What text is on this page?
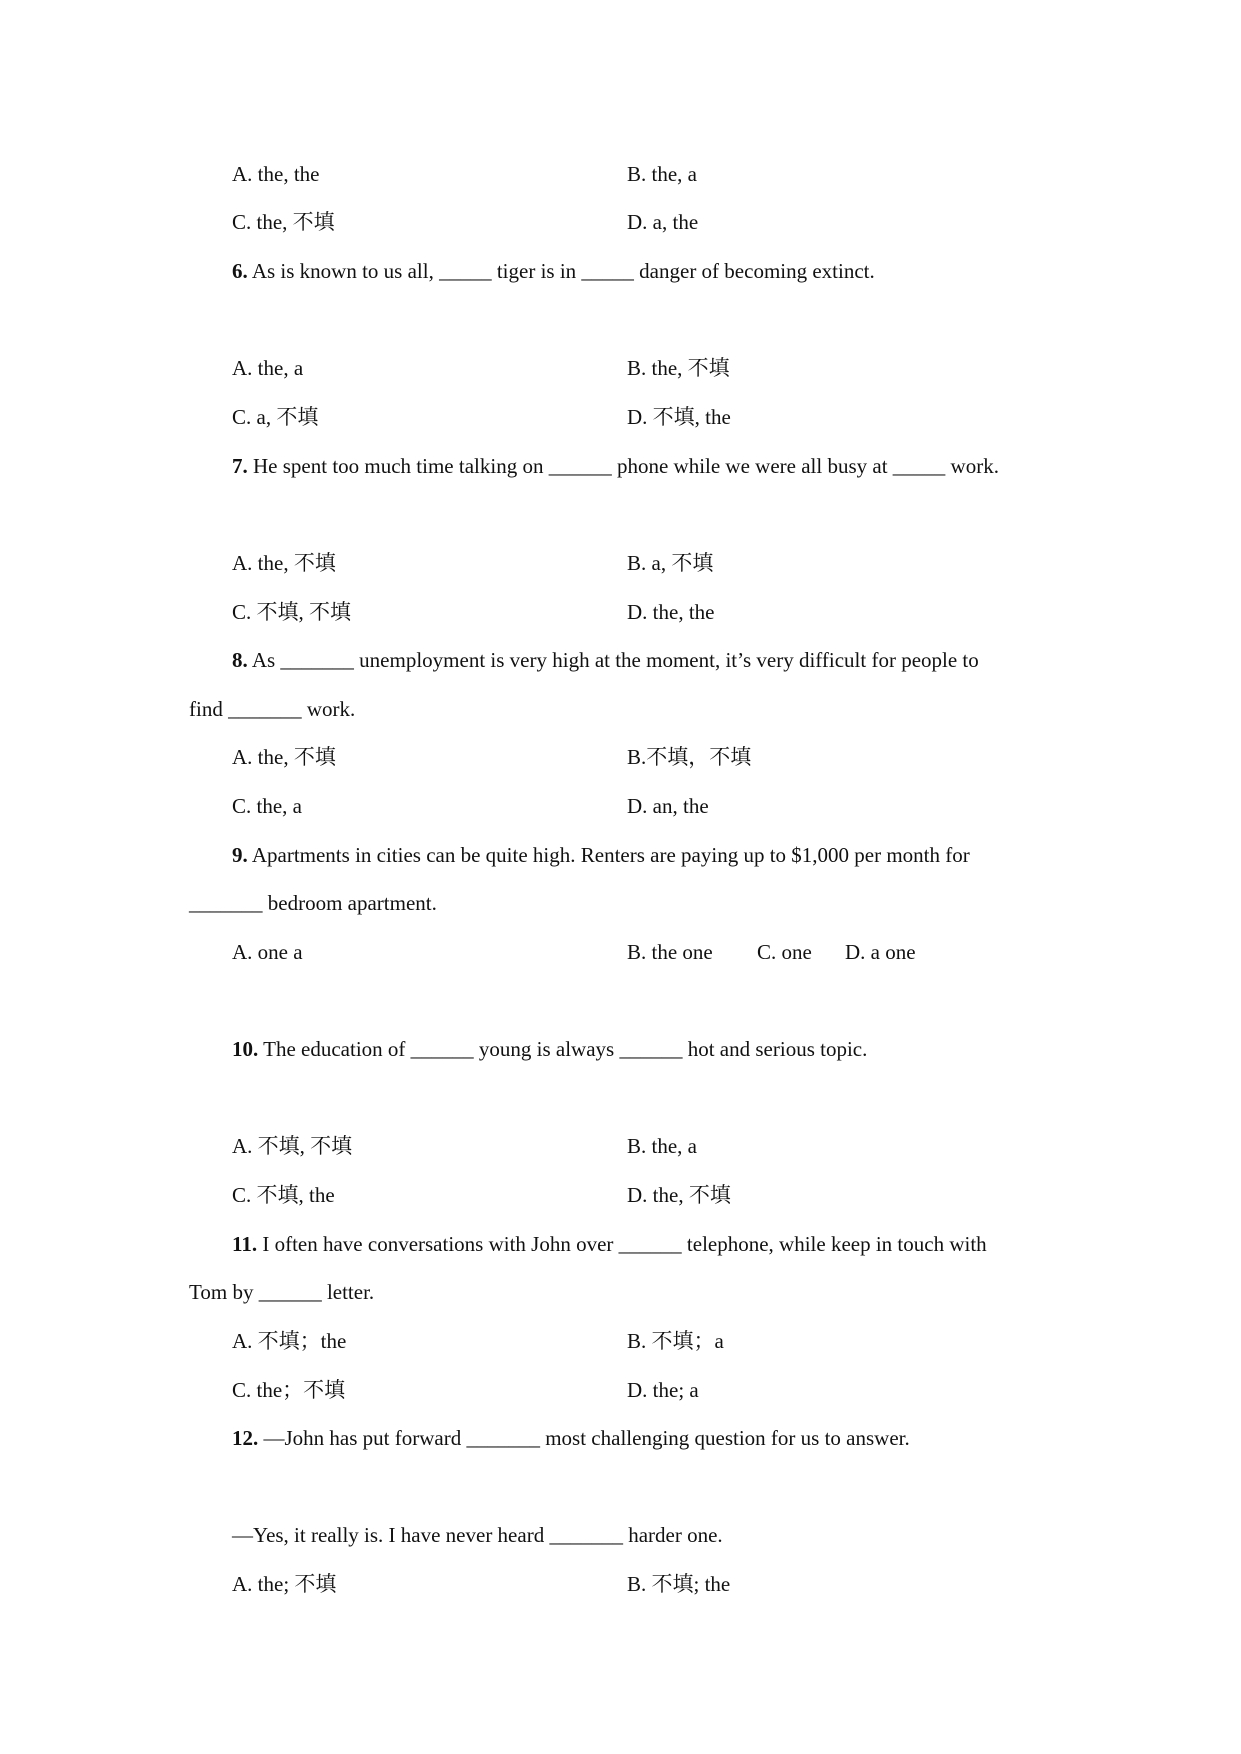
A. the, the	B. the, a
C. the, 不填	D. a, the
6. As is known to us all, _____ tiger is in _____ danger of becoming extinct.
A. the, a	B. the, 不填
C. a, 不填	D. 不填, the
7. He spent too much time talking on ______ phone while we were all busy at _____ work.
A. the, 不填	B. a, 不填
C. 不填, 不填	D. the, the
8. As _______ unemployment is very high at the moment, it’s very difficult for people to
find _______ work.
A. the, 不填	B.不填，不填
C. the, a	D. an, the
9. Apartments in cities can be quite high. Renters are paying up to $1,000 per month for
_______ bedroom apartment.
A. one a	B. the one C. one D. a one
10. The education of ______ young is always ______ hot and serious topic.
A. 不填, 不填	B. the, a
C. 不填, the	D. the, 不填
11. I often have conversations with John over ______ telephone, while keep in touch with
Tom by ______ letter.
A. 不填；the	B. 不填；a
C. the；不填	D. the; a
12. —John has put forward _______ most challenging question for us to answer.
—Yes, it really is. I have never heard _______ harder one.
A. the; 不填	B. 不填; the
